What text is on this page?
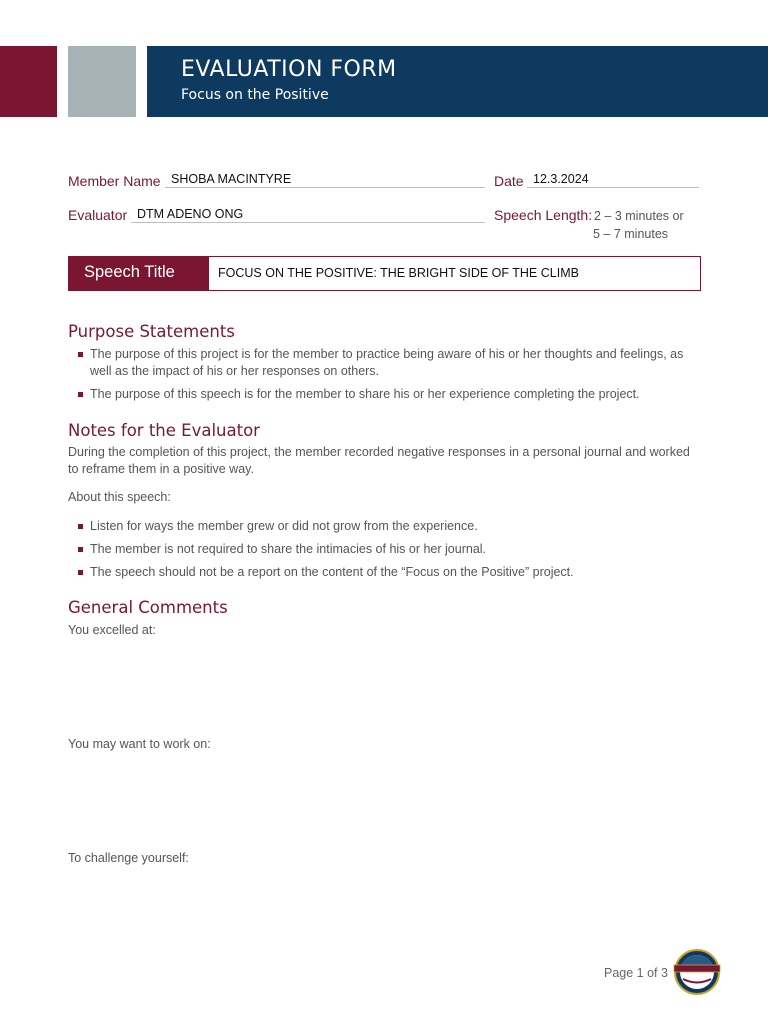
EVALUATION FORM
Focus on the Positive
Member Name SHOBA MACINTYRE	Date 12.3.2024
Evaluator DTM ADENO ONG	Speech Length: 2 – 3 minutes or
5 – 7 minutes
Speech Title	FOCUS ON THE POSITIVE: THE BRIGHT SIDE OF THE CLIMB
Purpose Statements
The purpose of this project is for the member to practice being aware of his or her thoughts and feelings, as well as the impact of his or her responses on others.
The purpose of this speech is for the member to share his or her experience completing the project.
Notes for the Evaluator
During the completion of this project, the member recorded negative responses in a personal journal and worked to reframe them in a positive way.
About this speech:
Listen for ways the member grew or did not grow from the experience.
The member is not required to share the intimacies of his or her journal.
The speech should not be a report on the content of the “Focus on the Positive” project.
General Comments
You excelled at:
You may want to work on:
To challenge yourself:
Page 1 of 3
